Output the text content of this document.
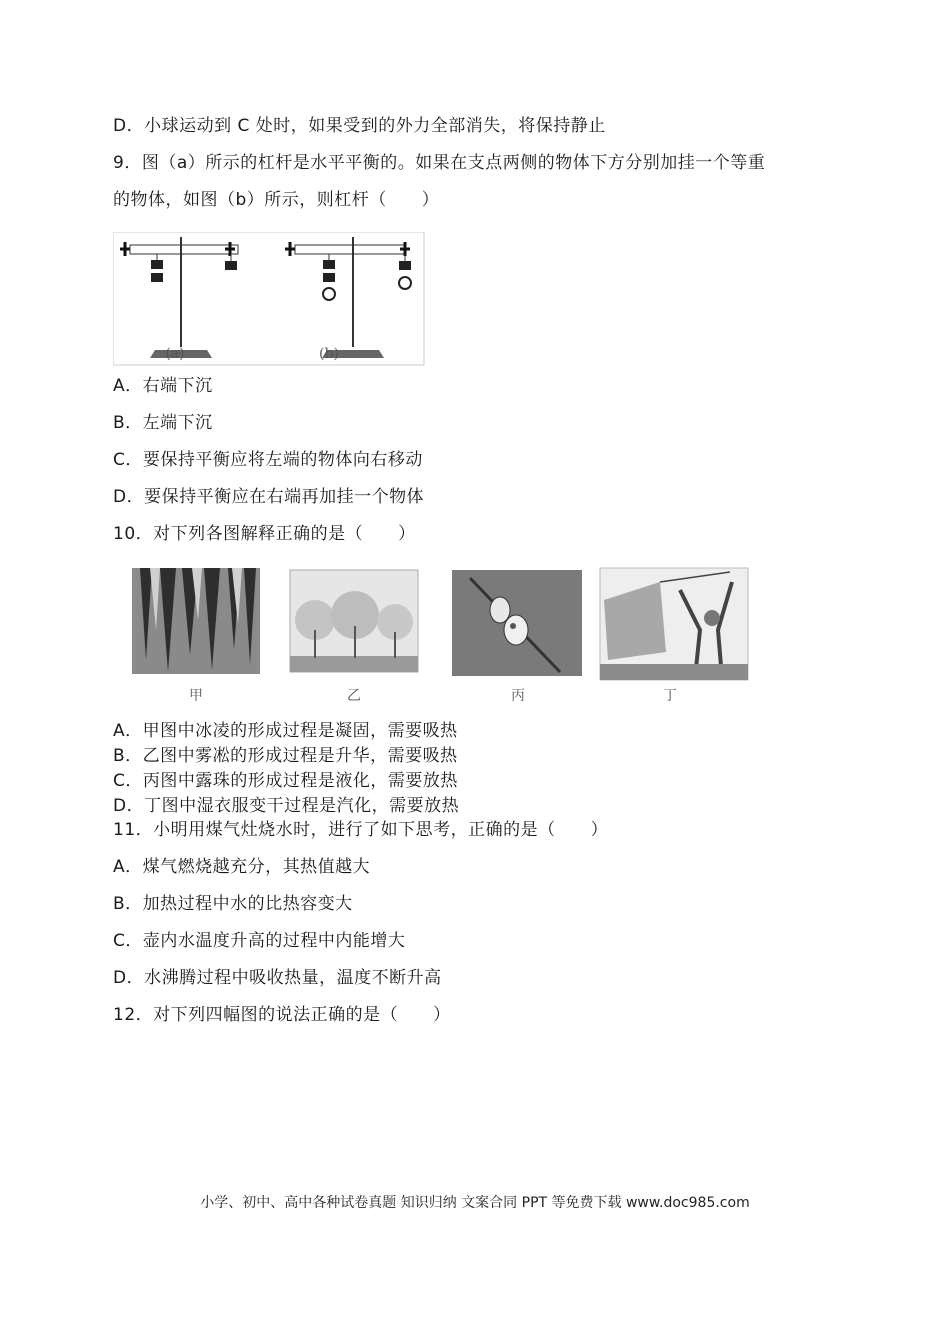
D．小球运动到 C 处时，如果受到的外力全部消失，将保持静止
9．图（a）所示的杠杆是水平平衡的。如果在支点两侧的物体下方分别加挂一个等重
的物体，如图（b）所示，则杠杆（　　）
(a)	(b)
A．右端下沉
B．左端下沉
C．要保持平衡应将左端的物体向右移动
D．要保持平衡应在右端再加挂一个物体
10．对下列各图解释正确的是（　　）
甲	乙	丙	丁
A．甲图中冰凌的形成过程是凝固，需要吸热
B．乙图中雾凇的形成过程是升华，需要吸热
C．丙图中露珠的形成过程是液化，需要放热
D．丁图中湿衣服变干过程是汽化，需要放热
11．小明用煤气灶烧水时，进行了如下思考，正确的是（　　）
A．煤气燃烧越充分，其热值越大
B．加热过程中水的比热容变大
C．壶内水温度升高的过程中内能增大
D．水沸腾过程中吸收热量，温度不断升高
12．对下列四幅图的说法正确的是（　　）
小学、初中、高中各种试卷真题 知识归纳 文案合同 PPT 等免费下载 www.doc985.com
